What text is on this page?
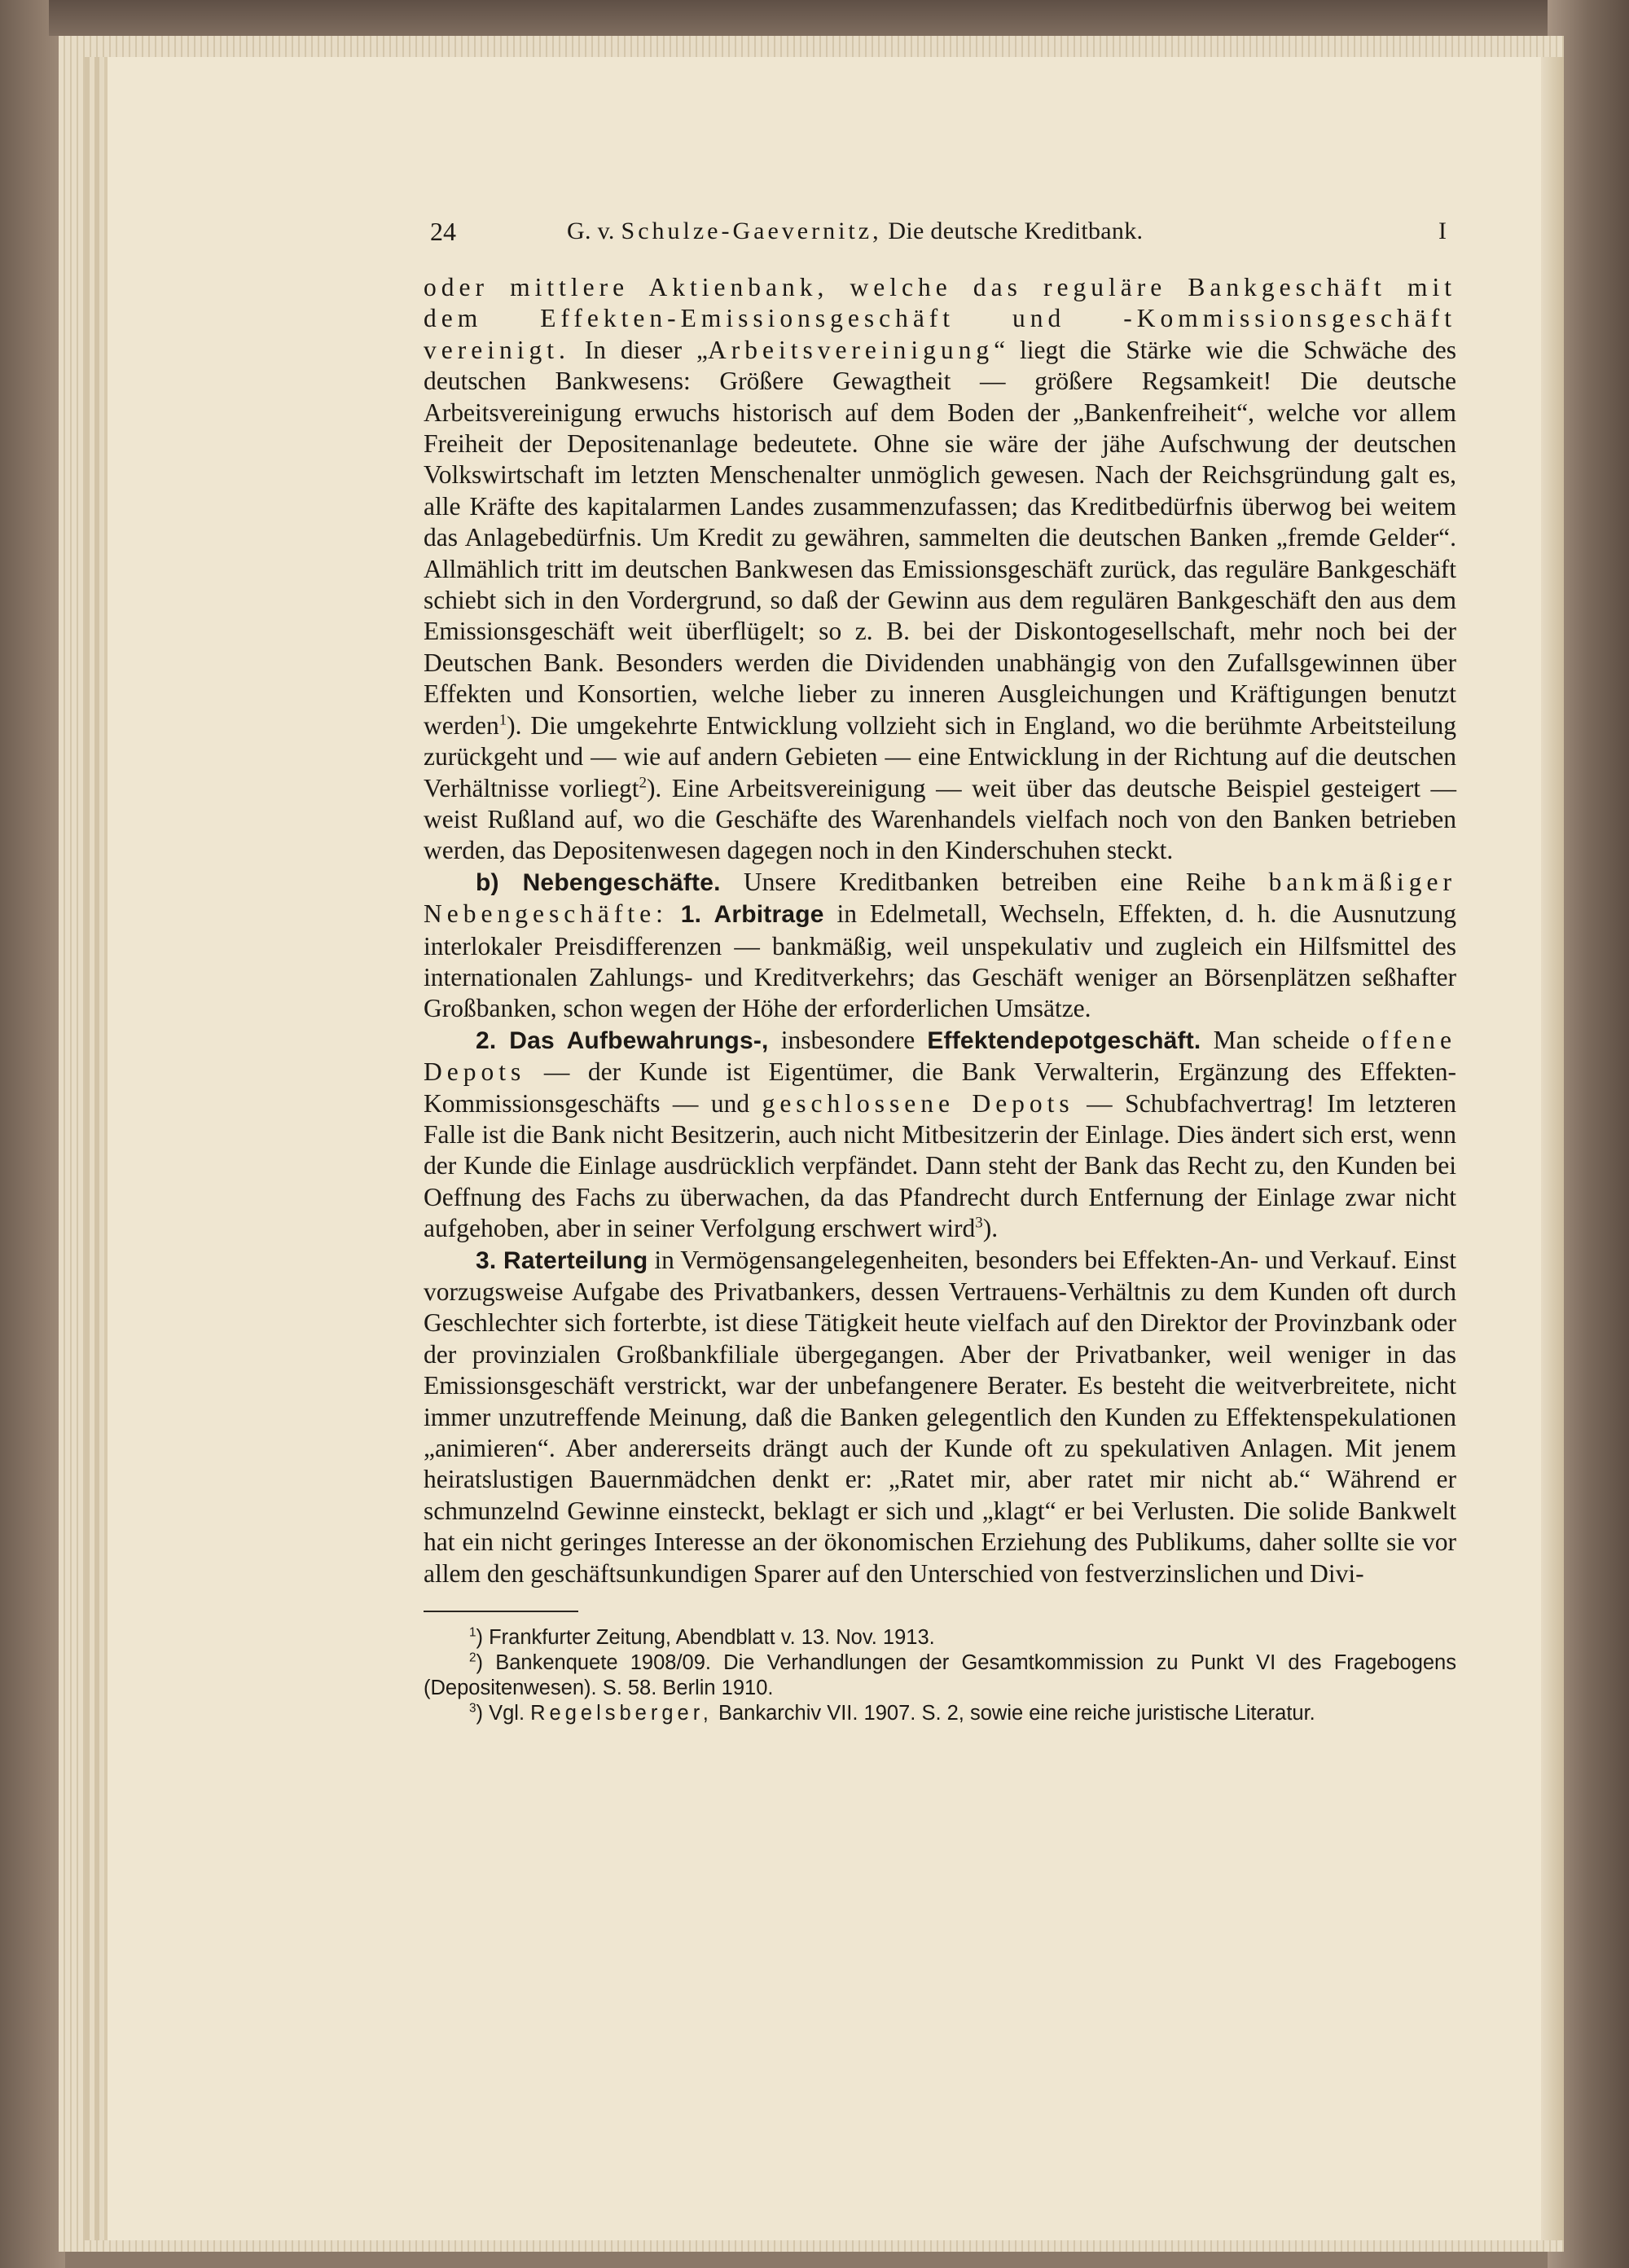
24	G. v. Schulze-Gaevernitz, Die deutsche Kreditbank.	I

oder mittlere Aktienbank, welche das reguläre Bankgeschäft mit dem Effekten-Emissionsgeschäft und -Kommissionsgeschäft vereinigt. In dieser „Arbeitsvereinigung“ liegt die Stärke wie die Schwäche des deutschen Bankwesens: Größere Gewagtheit — größere Regsamkeit! Die deutsche Arbeitsvereinigung erwuchs historisch auf dem Boden der „Bankenfreiheit“, welche vor allem Freiheit der Depositenanlage bedeutete. Ohne sie wäre der jähe Aufschwung der deutschen Volkswirtschaft im letzten Menschenalter unmöglich gewesen. Nach der Reichsgründung galt es, alle Kräfte des kapitalarmen Landes zusammenzufassen; das Kreditbedürfnis überwog bei weitem das Anlagebedürfnis. Um Kredit zu gewähren, sammelten die deutschen Banken „fremde Gelder“. Allmählich tritt im deutschen Bankwesen das Emissionsgeschäft zurück, das reguläre Bankgeschäft schiebt sich in den Vordergrund, so daß der Gewinn aus dem regulären Bankgeschäft den aus dem Emissionsgeschäft weit überflügelt; so z. B. bei der Diskontogesellschaft, mehr noch bei der Deutschen Bank. Besonders werden die Dividenden unabhängig von den Zufallsgewinnen über Effekten und Konsortien, welche lieber zu inneren Ausgleichungen und Kräftigungen benutzt werden$^1$). Die umgekehrte Entwicklung vollzieht sich in England, wo die berühmte Arbeitsteilung zurückgeht und — wie auf andern Gebieten — eine Entwicklung in der Richtung auf die deutschen Verhältnisse vorliegt$^2$). Eine Arbeitsvereinigung — weit über das deutsche Beispiel gesteigert — weist Rußland auf, wo die Geschäfte des Warenhandels vielfach noch von den Banken betrieben werden, das Depositenwesen dagegen noch in den Kinderschuhen steckt.

b) Nebengeschäfte. Unsere Kreditbanken betreiben eine Reihe bankmäßiger Nebengeschäfte: 1. Arbitrage in Edelmetall, Wechseln, Effekten, d. h. die Ausnutzung interlokaler Preisdifferenzen — bankmäßig, weil unspekulativ und zugleich ein Hilfsmittel des internationalen Zahlungs- und Kreditverkehrs; das Geschäft weniger an Börsenplätzen seßhafter Großbanken, schon wegen der Höhe der erforderlichen Umsätze.

2. Das Aufbewahrungs-, insbesondere Effektendepotgeschäft. Man scheide offene Depots — der Kunde ist Eigentümer, die Bank Verwalterin, Ergänzung des Effekten-Kommissionsgeschäfts — und geschlossene Depots — Schubfachvertrag! Im letzteren Falle ist die Bank nicht Besitzerin, auch nicht Mitbesitzerin der Einlage. Dies ändert sich erst, wenn der Kunde die Einlage ausdrücklich verpfändet. Dann steht der Bank das Recht zu, den Kunden bei Oeffnung des Fachs zu überwachen, da das Pfandrecht durch Entfernung der Einlage zwar nicht aufgehoben, aber in seiner Verfolgung erschwert wird$^3$).

3. Raterteilung in Vermögensangelegenheiten, besonders bei Effekten-An- und Verkauf. Einst vorzugsweise Aufgabe des Privatbankers, dessen Vertrauens-Verhältnis zu dem Kunden oft durch Geschlechter sich forterbte, ist diese Tätigkeit heute vielfach auf den Direktor der Provinzbank oder der provinzialen Großbankfiliale übergegangen. Aber der Privatbanker, weil weniger in das Emissionsgeschäft verstrickt, war der unbefangenere Berater. Es besteht die weitverbreitete, nicht immer unzutreffende Meinung, daß die Banken gelegentlich den Kunden zu Effektenspekulationen „animieren“. Aber andererseits drängt auch der Kunde oft zu spekulativen Anlagen. Mit jenem heiratslustigen Bauernmädchen denkt er: „Ratet mir, aber ratet mir nicht ab.“ Während er schmunzelnd Gewinne einsteckt, beklagt er sich und „klagt“ er bei Verlusten. Die solide Bankwelt hat ein nicht geringes Interesse an der ökonomischen Erziehung des Publikums, daher sollte sie vor allem den geschäftsunkundigen Sparer auf den Unterschied von festverzinslichen und Divi-

$^1$) Frankfurter Zeitung, Abendblatt v. 13. Nov. 1913.

$^2$) Bankenquete 1908/09. Die Verhandlungen der Gesamtkommission zu Punkt VI des Fragebogens (Depositenwesen). S. 58. Berlin 1910.

$^3$) Vgl. Regelsberger, Bankarchiv VII. 1907. S. 2, sowie eine reiche juristische Literatur.
